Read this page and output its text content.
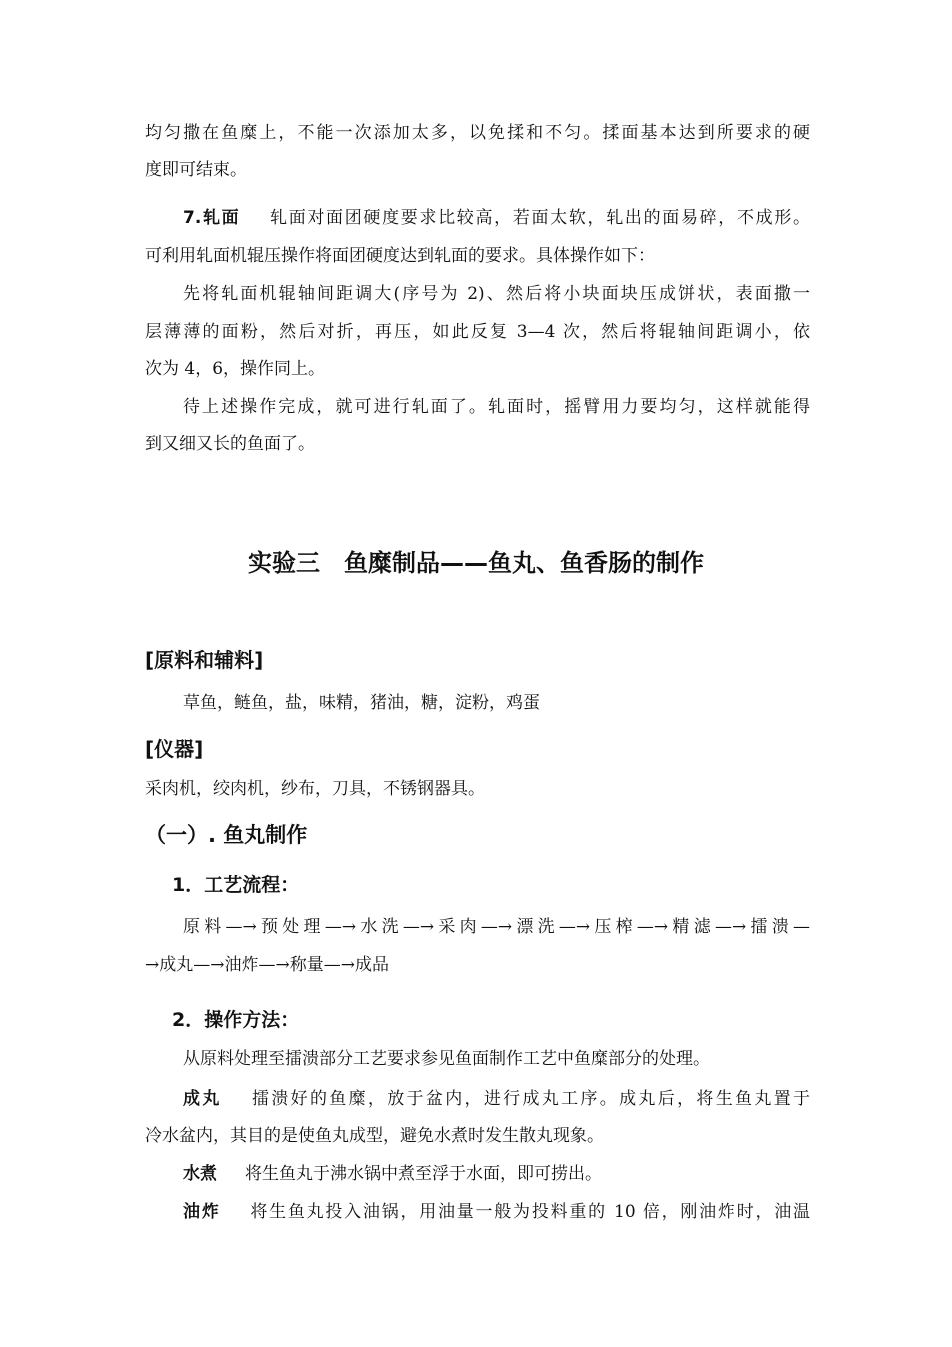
均匀撒在鱼糜上，不能一次添加太多，以免揉和不匀。揉面基本达到所要求的硬
度即可结束。
7.轧面 轧面对面团硬度要求比较高，若面太软，轧出的面易碎，不成形。
可利用轧面机辊压操作将面团硬度达到轧面的要求。具体操作如下：
先将轧面机辊轴间距调大(序号为 2)、然后将小块面块压成饼状，表面撒一
层薄薄的面粉，然后对折，再压，如此反复 3—4 次，然后将辊轴间距调小，依
次为 4，6，操作同上。
待上述操作完成，就可进行轧面了。轧面时，摇臂用力要均匀，这样就能得
到又细又长的鱼面了。
实验三　鱼糜制品——鱼丸、鱼香肠的制作
[原料和辅料]
草鱼，鲢鱼，盐，味精，猪油，糖，淀粉，鸡蛋
[仪器]
采肉机，绞肉机，纱布，刀具，不锈钢器具。
（一）. 鱼丸制作
1．工艺流程：
原料—→预处理—→水洗—→采肉—→漂洗—→压榨—→精滤—→擂溃—
→成丸—→油炸—→称量—→成品
2．操作方法：
从原料处理至擂溃部分工艺要求参见鱼面制作工艺中鱼糜部分的处理。
成丸 擂溃好的鱼糜，放于盆内，进行成丸工序。成丸后，将生鱼丸置于
冷水盆内，其目的是使鱼丸成型，避免水煮时发生散丸现象。
水煮 将生鱼丸于沸水锅中煮至浮于水面，即可捞出。
油炸 将生鱼丸投入油锅，用油量一般为投料重的 10 倍，刚油炸时，油温
